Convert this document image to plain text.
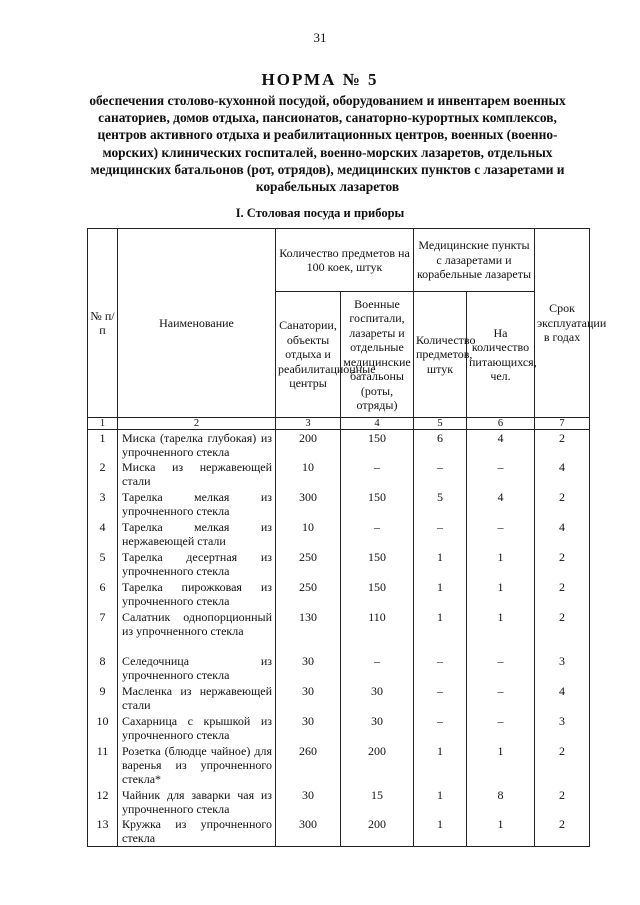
31
НОРМА № 5
обеспечения столово-кухонной посудой, оборудованием и инвентарем военных санаториев, домов отдыха, пансионатов, санаторно-курортных комплексов, центров активного отдыха и реабилитационных центров, военных (военно-морских) клинических госпиталей, военно-морских лазаретов, отдельных медицинских батальонов (рот, отрядов), медицинских пунктов с лазаретами и корабельных лазаретов
I. Столовая посуда и приборы
№ п/п	Наименование	Количество предметов на 100 коек, штук		Медицинские пункты с лазаретами и корабельные лазареты		Срок эксплуатации в годах
		Санатории, объекты отдыха и реабилитационные центры	Военные госпитали, лазареты и отдельные медицинские батальоны (роты, отряды)	Количество предметов, штук	На количество питающихся, чел.	
1	2	3	4	5	6	7
1	Миска (тарелка глубокая) из упрочненного стекла	200	150	6	4	2
2	Миска из нержавеющей стали	10	–	–	–	4
3	Тарелка мелкая из упрочненного стекла	300	150	5	4	2
4	Тарелка мелкая из нержавеющей стали	10	–	–	–	4
5	Тарелка десертная из упрочненного стекла	250	150	1	1	2
6	Тарелка пирожковая из упрочненного стекла	250	150	1	1	2
7	Салатник однопорционный из упрочненного стекла	130	110	1	1	2
8	Селедочница из упрочненного стекла	30	–	–	–	3
9	Масленка из нержавеющей стали	30	30	–	–	4
10	Сахарница с крышкой из упрочненного стекла	30	30	–	–	3
11	Розетка (блюдце чайное) для варенья из упрочненного стекла*	260	200	1	1	2
12	Чайник для заварки чая из упрочненного стекла	30	15	1	8	2
13	Кружка из упрочненного стекла	300	200	1	1	2
